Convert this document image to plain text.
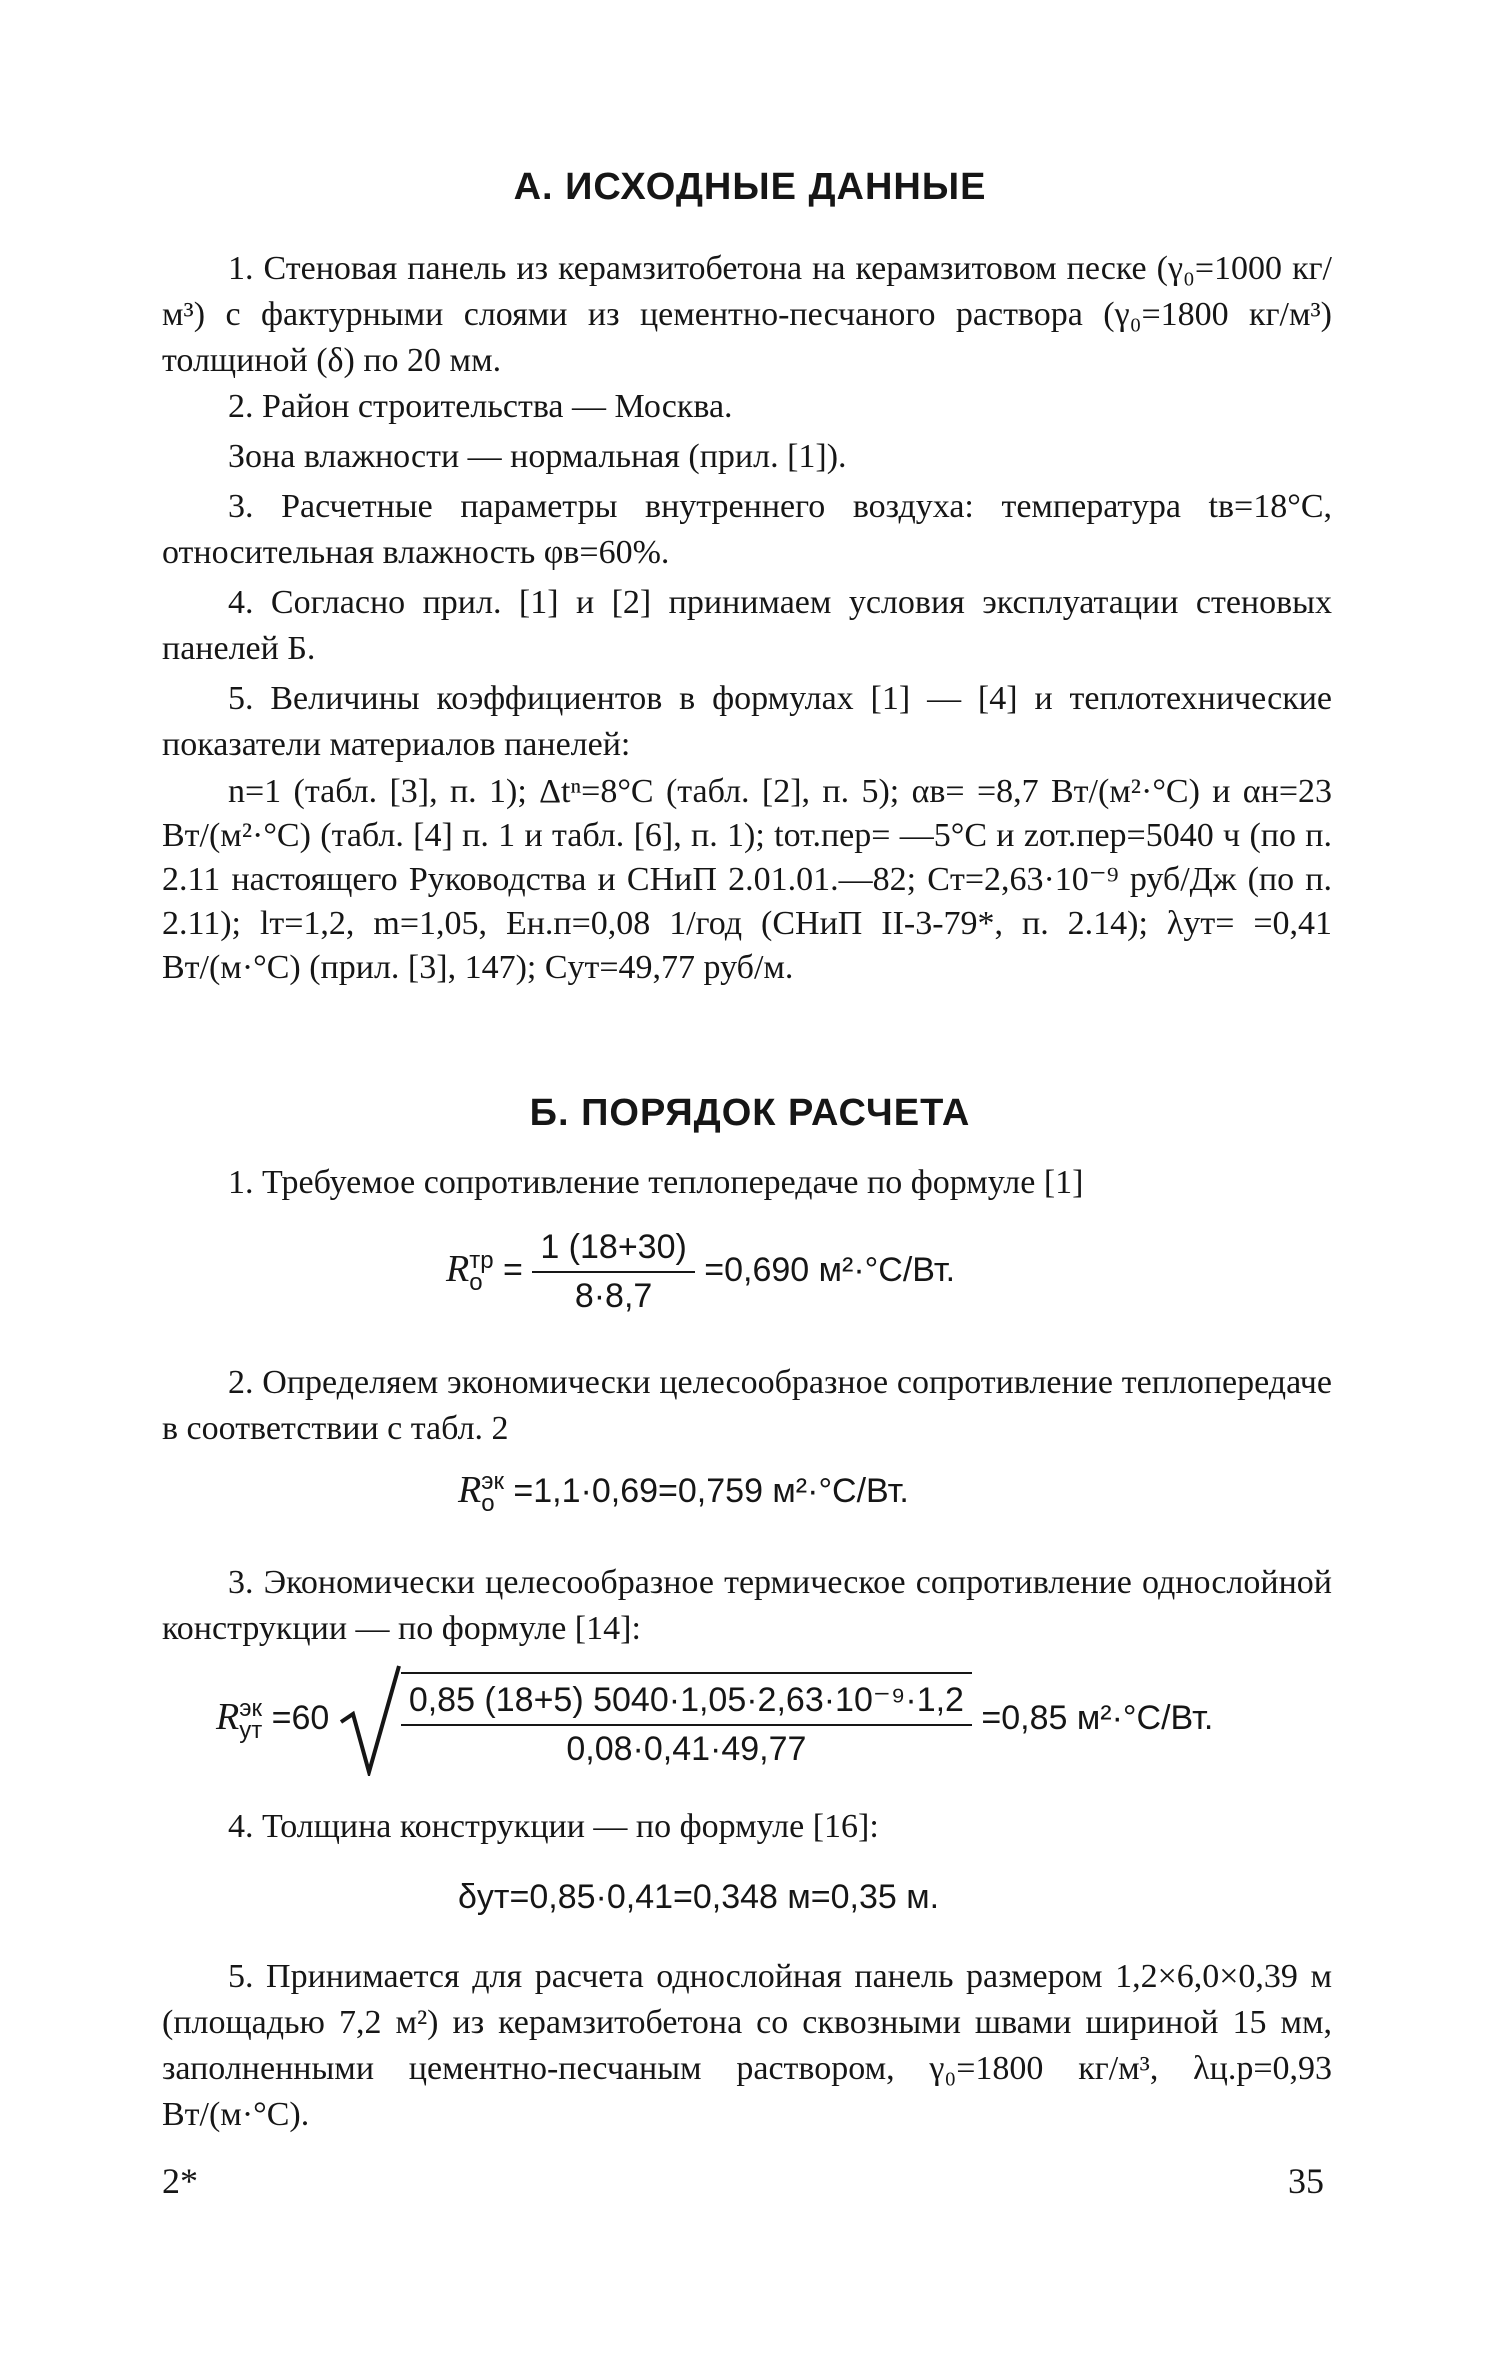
А. ИСХОДНЫЕ ДАННЫЕ

1. Стеновая панель из керамзитобетона на керамзитовом песке (γ₀=1000 кг/м³) с фактурными слоями из цементно-песчаного раствора (γ₀=1800 кг/м³) толщиной (δ) по 20 мм.

2. Район строительства — Москва.

Зона влажности — нормальная (прил. [1]).

3. Расчетные параметры внутреннего воздуха: температура tв=18°С, относительная влажность φв=60%.

4. Согласно прил. [1] и [2] принимаем условия эксплуатации стеновых панелей Б.

5. Величины коэффициентов в формулах [1] — [4] и теплотехнические показатели материалов панелей:

n=1 (табл. [3], п. 1); Δtⁿ=8°С (табл. [2], п. 5); αв= =8,7 Вт/(м²·°С) и αн=23 Вт/(м²·°С) (табл. [4] п. 1 и табл. [6], п. 1); tот.пер= —5°С и zот.пер=5040 ч (по п. 2.11 настоящего Руководства и СНиП 2.01.01.—82; Cт=2,63·10⁻⁹ руб/Дж (по п. 2.11); lт=1,2, m=1,05, Eн.п=0,08 1/год (СНиП II-3-79*, п. 2.14); λут= =0,41 Вт/(м·°С) (прил. [3], 147); Cут=49,77 руб/м.

Б. ПОРЯДОК РАСЧЕТА

1. Требуемое сопротивление теплопередаче по формуле [1]

R тр
$о = \frac{1 (18+30)}{8\cdot 8,7} =0,690$ м²·°С/Вт.

2. Определяем экономически целесообразное сопротивление теплопередаче в соответствии с табл. 2

R эк
о =1,1·0,69=0,759 м²·°С/Вт.

3. Экономически целесообразное термическое сопротивление однослойной конструкции — по формуле [14]:

R эк
ут $=60 \frac{\text{0,85 (18+5) 5040·1,05·2,63·10⁻⁹·1,2}}{0,08\cdot 0,41\cdot 49,77} =0,85$ м²·°С/Вт.

4. Толщина конструкции — по формуле [16]:

δут=0,85·0,41=0,348 м=0,35 м.

5. Принимается для расчета однослойная панель размером 1,2×6,0×0,39 м (площадью 7,2 м²) из керамзитобетона со сквозными швами шириной 15 мм, заполненными цементно-песчаным раствором, γ₀=1800 кг/м³, λц.р=0,93 Вт/(м·°С).

2*	35
